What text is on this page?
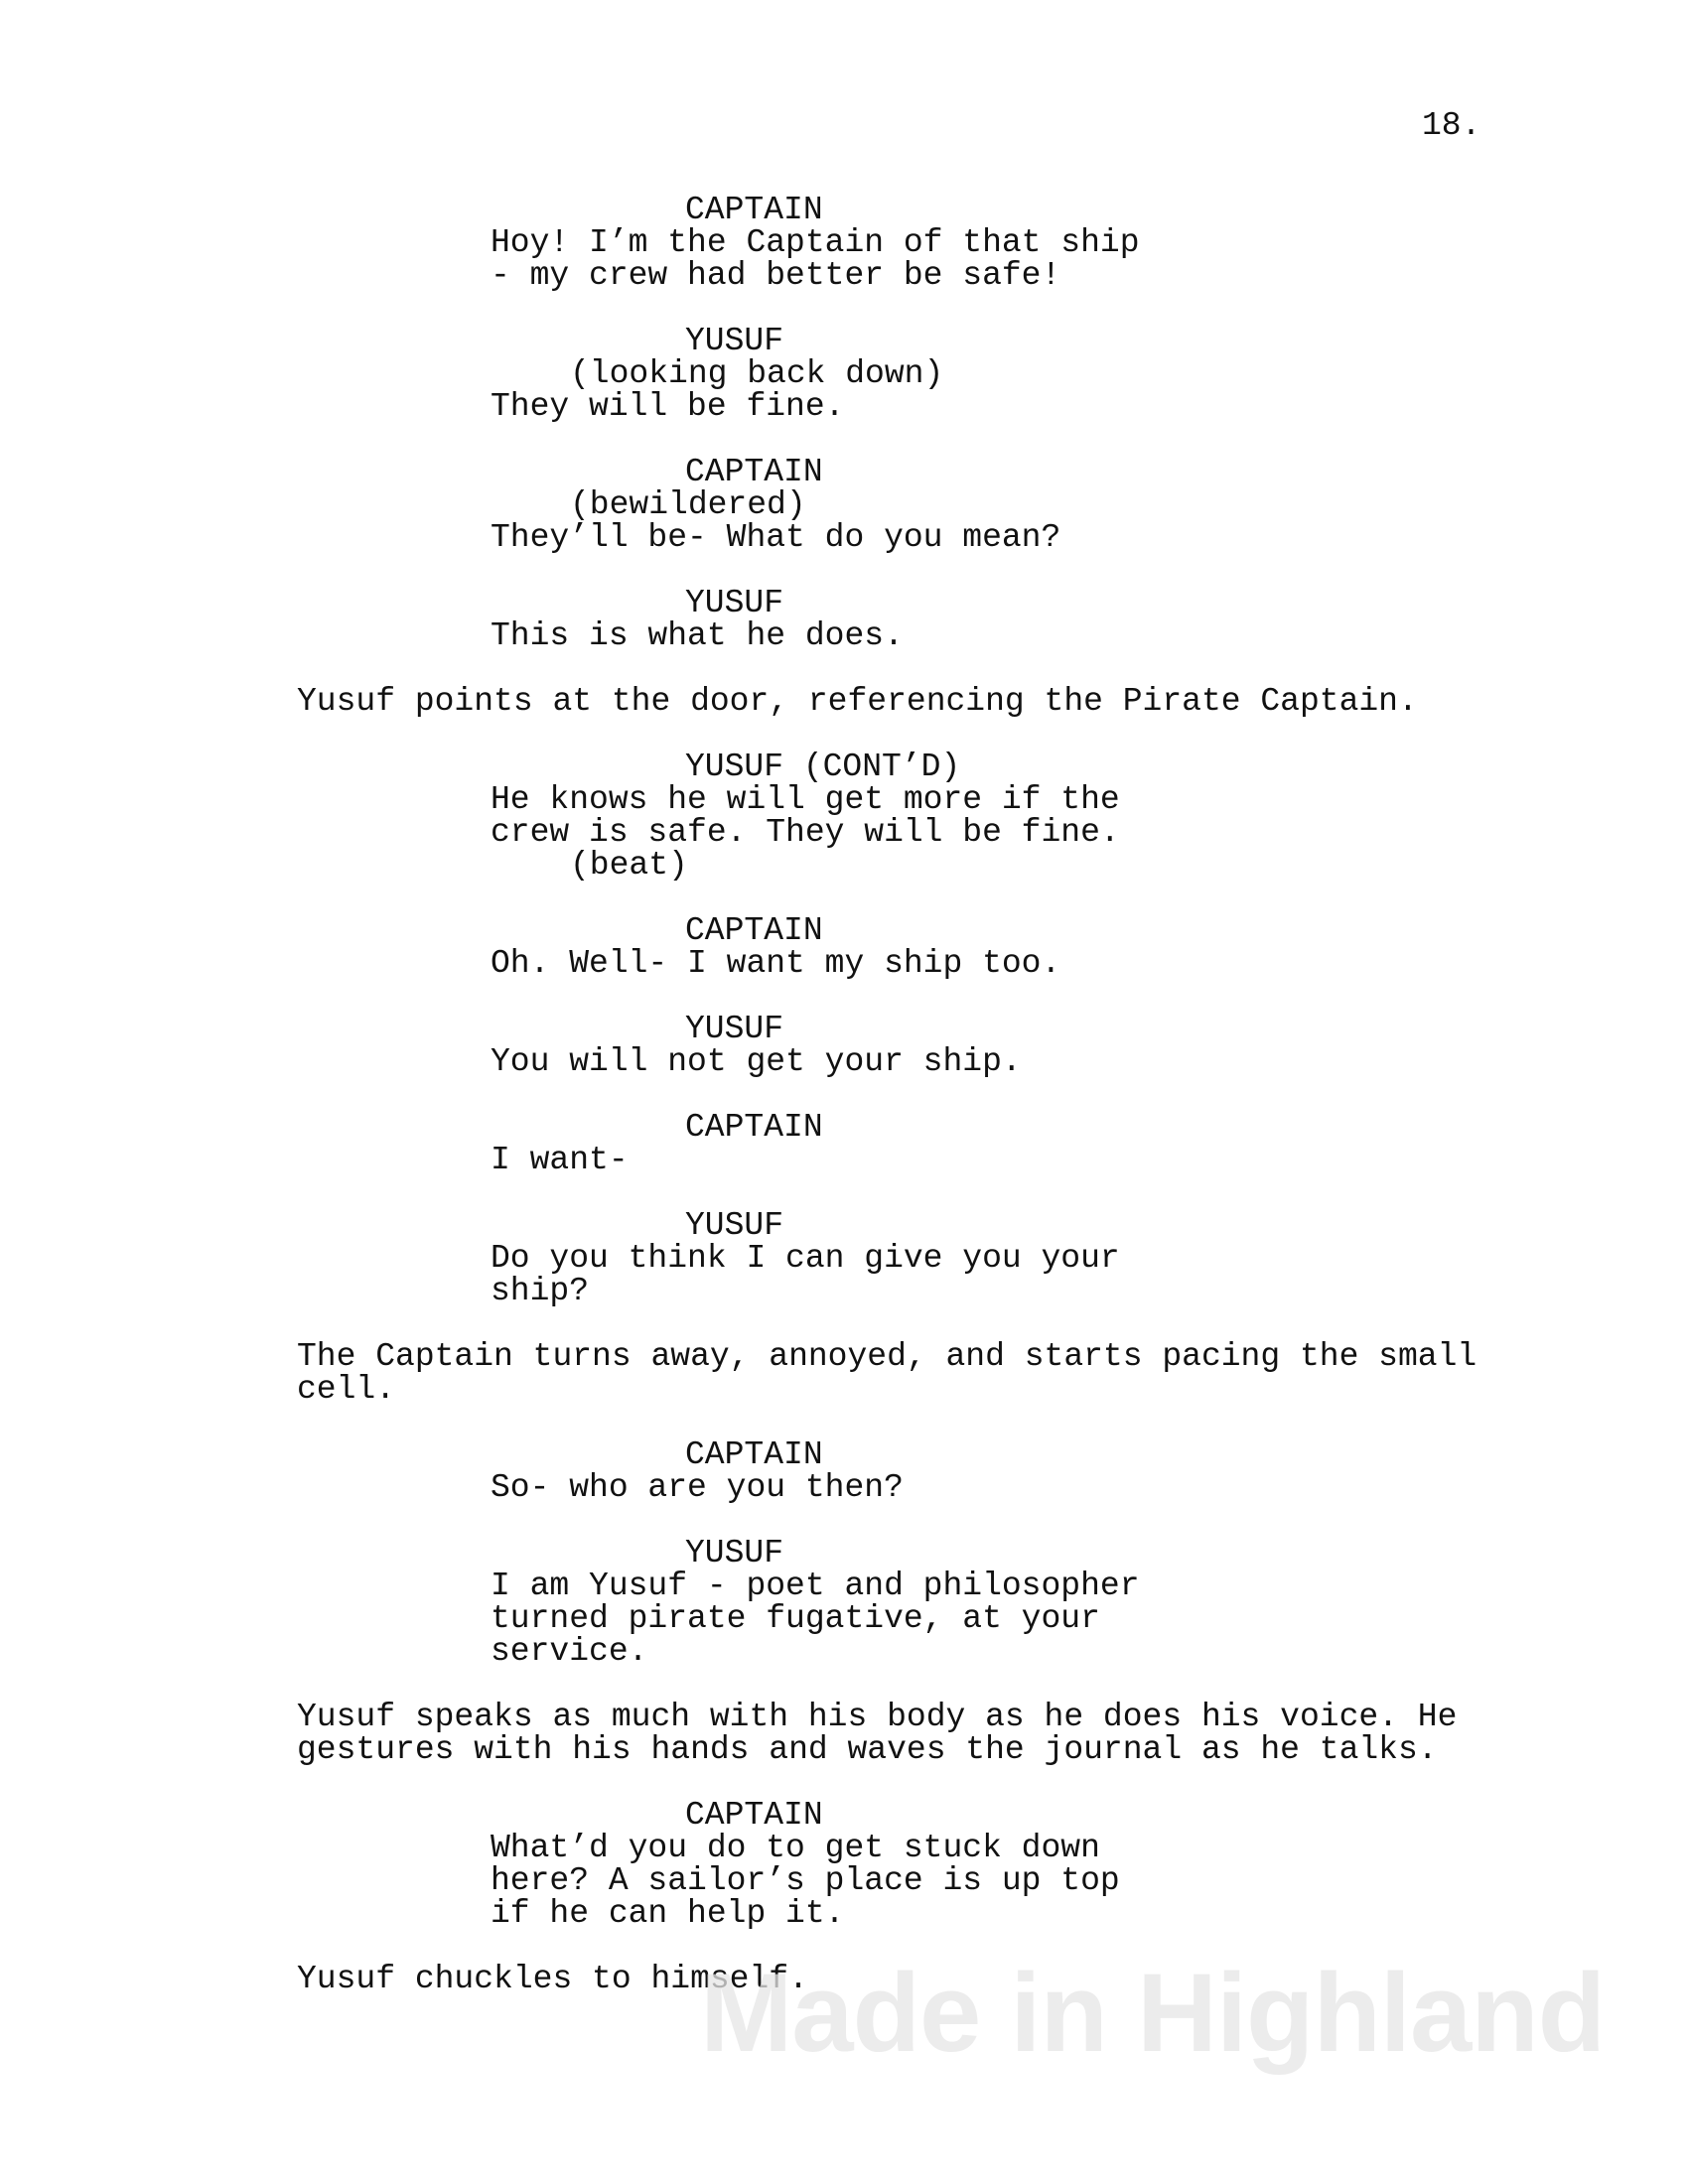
18.
CAPTAIN
Hoy! I’m the Captain of that ship
- my crew had better be safe!
YUSUF
(looking back down)
They will be fine.
CAPTAIN
(bewildered)
They’ll be- What do you mean?
YUSUF
This is what he does.
Yusuf points at the door, referencing the Pirate Captain.
YUSUF (CONT’D)
He knows he will get more if the
crew is safe. They will be fine.
(beat)
CAPTAIN
Oh. Well- I want my ship too.
YUSUF
You will not get your ship.
CAPTAIN
I want-
YUSUF
Do you think I can give you your
ship?
The Captain turns away, annoyed, and starts pacing the small
cell.
CAPTAIN
So- who are you then?
YUSUF
I am Yusuf - poet and philosopher
turned pirate fugative, at your
service.
Yusuf speaks as much with his body as he does his voice. He
gestures with his hands and waves the journal as he talks.
CAPTAIN
What’d you do to get stuck down
here? A sailor’s place is up top
if he can help it.
Yusuf chuckles to himself.
Made in Highland
